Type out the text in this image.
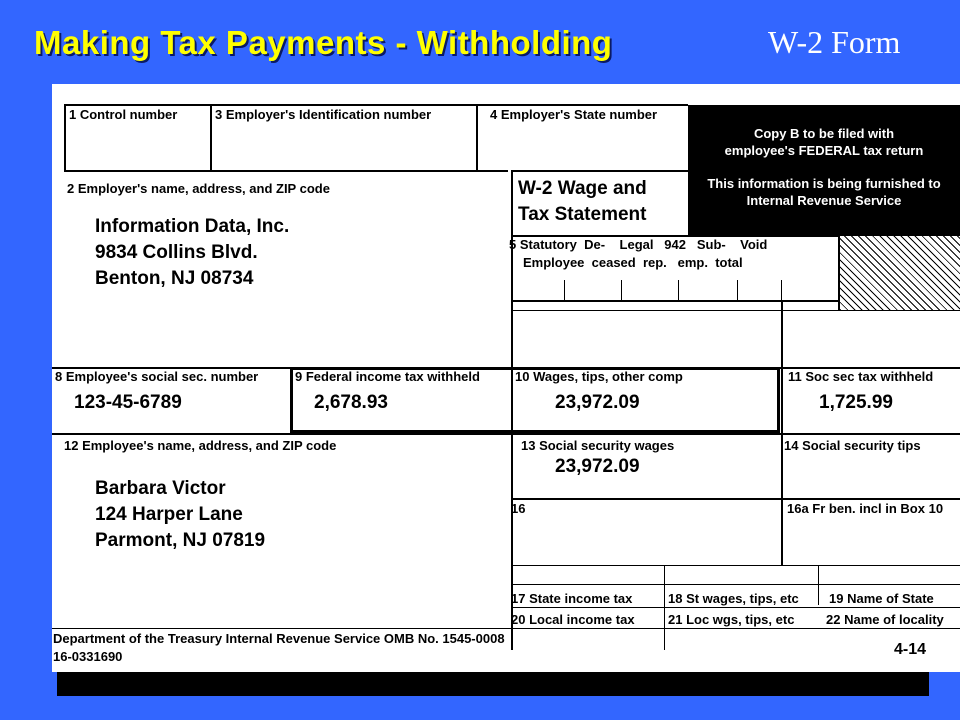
Making Tax Payments - Withholding	W-2 Form
1 Control number	3 Employer's Identification number	4 Employer's State number
Copy B to be filed with
employee's FEDERAL tax return
This information is being furnished to
Internal Revenue Service
2 Employer's name, address, and ZIP code
Information Data, Inc.
9834 Collins Blvd.
Benton, NJ 08734
W-2 Wage and
Tax Statement
5 Statutory  De-    Legal   942   Sub-    Void
Employee  ceased  rep.   emp.  total
8 Employee's social sec. number
123-45-6789
9 Federal income tax withheld
2,678.93
10 Wages, tips, other comp
23,972.09
11 Soc sec tax withheld
1,725.99
12 Employee's name, address, and ZIP code
Barbara Victor
124 Harper Lane
Parmont, NJ 07819
13 Social security wages
23,972.09
14 Social security tips
16	16a Fr ben. incl in Box 10
17 State income tax	18 St wages, tips, etc 19 Name of State
20 Local income tax	21 Loc wgs, tips, etc 22 Name of locality
Department of the Treasury Internal Revenue Service OMB No. 1545-0008
16-0331690	4-14
